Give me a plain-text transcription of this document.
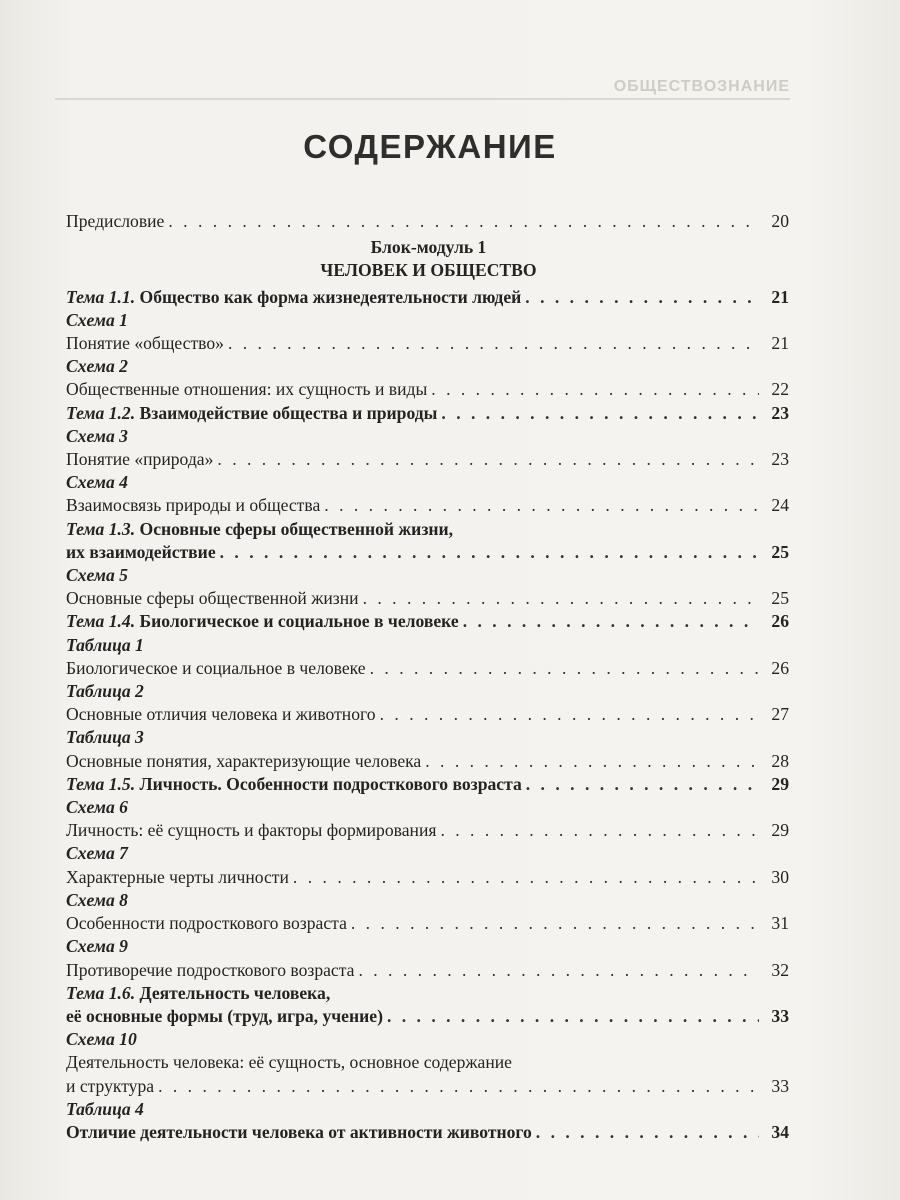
ОБЩЕСТВОЗНАНИЕ
СОДЕРЖАНИЕ
Предисловие . . .	20
Блок-модуль 1
ЧЕЛОВЕК И ОБЩЕСТВО
Тема 1.1. Общество как форма жизнедеятельности людей . . .	21
Схема 1
Понятие «общество» . . .	21
Схема 2
Общественные отношения: их сущность и виды . . .	22
Тема 1.2. Взаимодействие общества и природы . . .	23
Схема 3
Понятие «природа» . . .	23
Схема 4
Взаимосвязь природы и общества . . .	24
Тема 1.3. Основные сферы общественной жизни,
их взаимодействие . . .	25
Схема 5
Основные сферы общественной жизни . . .	25
Тема 1.4. Биологическое и социальное в человеке . . .	26
Таблица 1
Биологическое и социальное в человеке . . .	26
Таблица 2
Основные отличия человека и животного . . .	27
Таблица 3
Основные понятия, характеризующие человека . . .	28
Тема 1.5. Личность. Особенности подросткового возраста . . .	29
Схема 6
Личность: её сущность и факторы формирования . . .	29
Схема 7
Характерные черты личности . . .	30
Схема 8
Особенности подросткового возраста . . .	31
Схема 9
Противоречие подросткового возраста . . .	32
Тема 1.6. Деятельность человека,
её основные формы (труд, игра, учение) . . .	33
Схема 10
Деятельность человека: её сущность, основное содержание
и структура . . .	33
Таблица 4
Отличие деятельности человека от активности животного . . .	34
